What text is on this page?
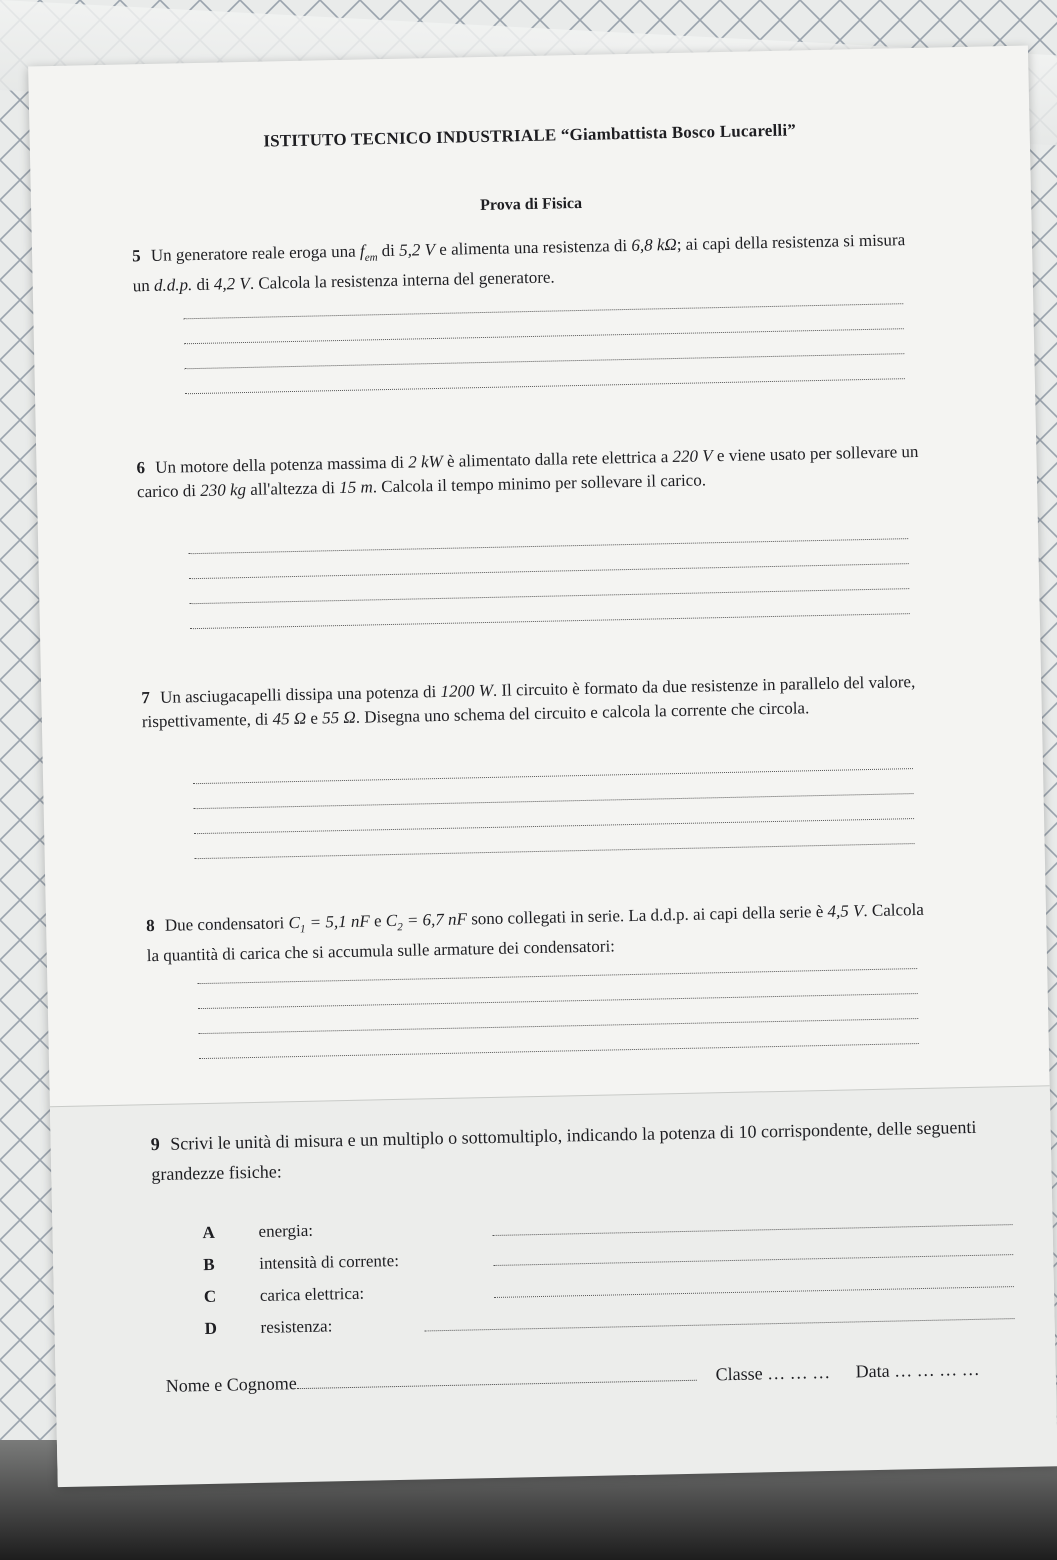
ISTITUTO TECNICO INDUSTRIALE “Giambattista Bosco Lucarelli”
Prova di Fisica
5 Un generatore reale eroga una $f_{em}$ di 5,2 V e alimenta una resistenza di 6,8 kΩ; ai capi della resistenza si misura un d.d.p. di 4,2 V. Calcola la resistenza interna del generatore.
6 Un motore della potenza massima di 2 kW è alimentato dalla rete elettrica a 220 V e viene usato per sollevare un carico di 230 kg all'altezza di 15 m. Calcola il tempo minimo per sollevare il carico.
7 Un asciugacapelli dissipa una potenza di 1200 W. Il circuito è formato da due resistenze in parallelo del valore, rispettivamente, di 45 Ω e 55 Ω. Disegna uno schema del circuito e calcola la corrente che circola.
8 Due condensatori $C_1 = 5,1$ nF e $C_2 = 6,7$ nF sono collegati in serie. La d.d.p. ai capi della serie è 4,5 V. Calcola la quantità di carica che si accumula sulle armature dei condensatori:
9 Scrivi le unità di misura e un multiplo o sottomultiplo, indicando la potenza di 10 corrispondente, delle seguenti grandezze fisiche:
A	energia:
B	intensità di corrente:
C	carica elettrica:
D	resistenza:
Nome e Cognome	Classe … … … Data … … … …
